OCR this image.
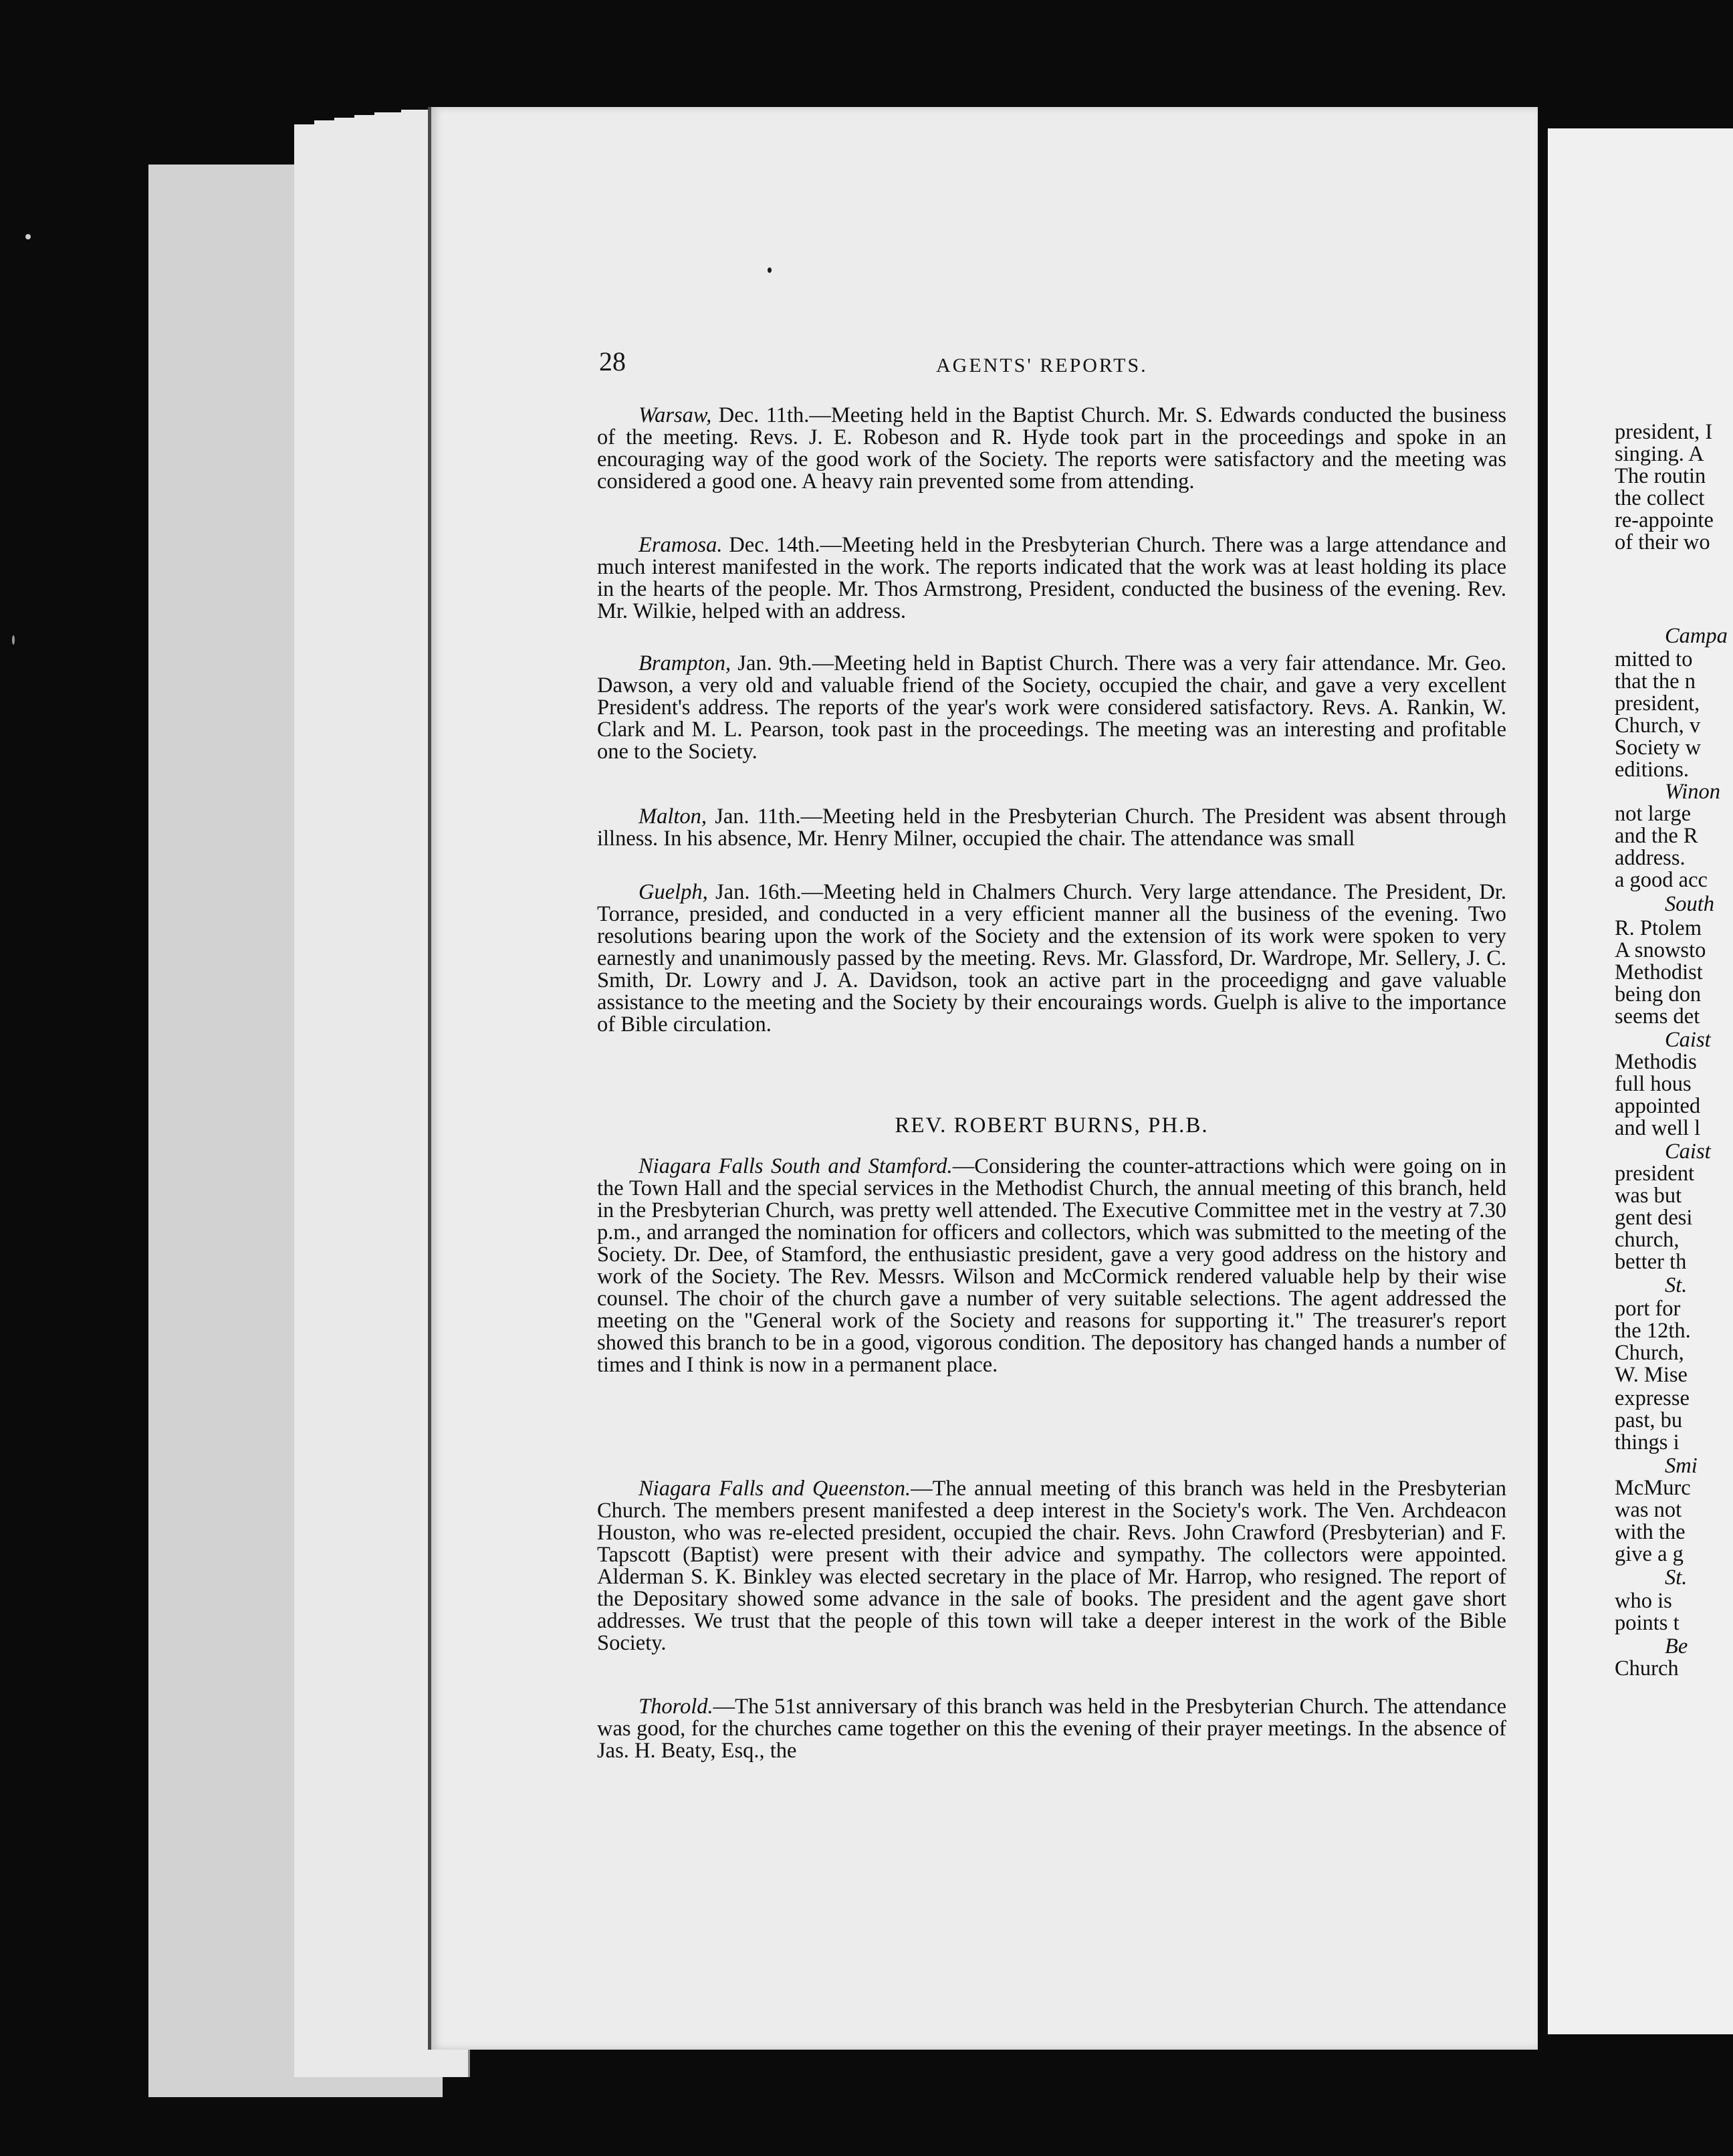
28	AGENTS' REPORTS.
Warsaw, Dec. 11th.—Meeting held in the Baptist Church. Mr. S. Edwards conducted the business of the meeting. Revs. J. E. Robeson and R. Hyde took part in the proceedings and spoke in an encouraging way of the good work of the Society. The reports were satisfactory and the meeting was considered a good one. A heavy rain prevented some from attending.
Eramosa. Dec. 14th.—Meeting held in the Presbyterian Church. There was a large attendance and much interest manifested in the work. The reports indicated that the work was at least holding its place in the hearts of the people. Mr. Thos Armstrong, President, conducted the business of the evening. Rev. Mr. Wilkie, helped with an address.
Brampton, Jan. 9th.—Meeting held in Baptist Church. There was a very fair attendance. Mr. Geo. Dawson, a very old and valuable friend of the Society, occupied the chair, and gave a very excellent President's address. The reports of the year's work were considered satisfactory. Revs. A. Rankin, W. Clark and M. L. Pearson, took past in the proceedings. The meeting was an interesting and profitable one to the Society.
Malton, Jan. 11th.—Meeting held in the Presbyterian Church. The President was absent through illness. In his absence, Mr. Henry Milner, occupied the chair. The attendance was small
Guelph, Jan. 16th.—Meeting held in Chalmers Church. Very large attendance. The President, Dr. Torrance, presided, and conducted in a very efficient manner all the business of the evening. Two resolutions bearing upon the work of the Society and the extension of its work were spoken to very earnestly and unanimously passed by the meeting. Revs. Mr. Glassford, Dr. Wardrope, Mr. Sellery, J. C. Smith, Dr. Lowry and J. A. Davidson, took an active part in the proceedigng and gave valuable assistance to the meeting and the Society by their encouraings words. Guelph is alive to the importance of Bible circulation.
REV. ROBERT BURNS, PH.B.
Niagara Falls South and Stamford.—Considering the counter-attractions which were going on in the Town Hall and the special services in the Methodist Church, the annual meeting of this branch, held in the Presbyterian Church, was pretty well attended. The Executive Committee met in the vestry at 7.30 p.m., and arranged the nomination for officers and collectors, which was submitted to the meeting of the Society. Dr. Dee, of Stamford, the enthusiastic president, gave a very good address on the history and work of the Society. The Rev. Messrs. Wilson and McCormick rendered valuable help by their wise counsel. The choir of the church gave a number of very suitable selections. The agent addressed the meeting on the "General work of the Society and reasons for supporting it." The treasurer's report showed this branch to be in a good, vigorous condition. The depository has changed hands a number of times and I think is now in a permanent place.
Niagara Falls and Queenston.—The annual meeting of this branch was held in the Presbyterian Church. The members present manifested a deep interest in the Society's work. The Ven. Archdeacon Houston, who was re-elected president, occupied the chair. Revs. John Crawford (Presbyterian) and F. Tapscott (Baptist) were present with their advice and sympathy. The collectors were appointed. Alderman S. K. Binkley was elected secretary in the place of Mr. Harrop, who resigned. The report of the Depositary showed some advance in the sale of books. The president and the agent gave short addresses. We trust that the people of this town will take a deeper interest in the work of the Bible Society.
Thorold.—The 51st anniversary of this branch was held in the Presbyterian Church. The attendance was good, for the churches came together on this the evening of their prayer meetings. In the absence of Jas. H. Beaty, Esq., the
president, I
singing. A
The routin
the collect
re-appointe
of their wo
Campa
mitted to
that the n
president,
Church, v
Society w
editions.
Winon
not large
and the R
address.
a good acc
South
R. Ptolem
A snowsto
Methodist
being don
seems det
Caist
Methodis
full hous
appointed
and well l
Caist
president
was but
gent desi
church,
better th
St.
port for
the 12th.
Church,
W. Mise
expresse
past, bu
things i
Smi
McMurc
was not
with the
give a g
St.
who is
points t
Be
Church
